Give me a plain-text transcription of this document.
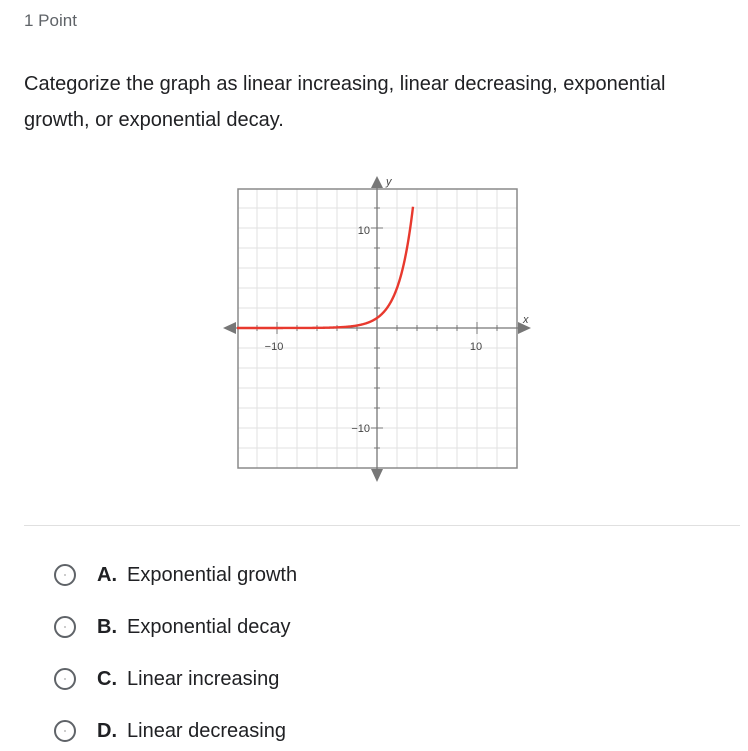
1 Point
Categorize the graph as linear increasing, linear decreasing, exponential growth, or exponential decay.
x
y
−10	10
10
−10
A. Exponential growth
B. Exponential decay
C. Linear increasing
D. Linear decreasing
